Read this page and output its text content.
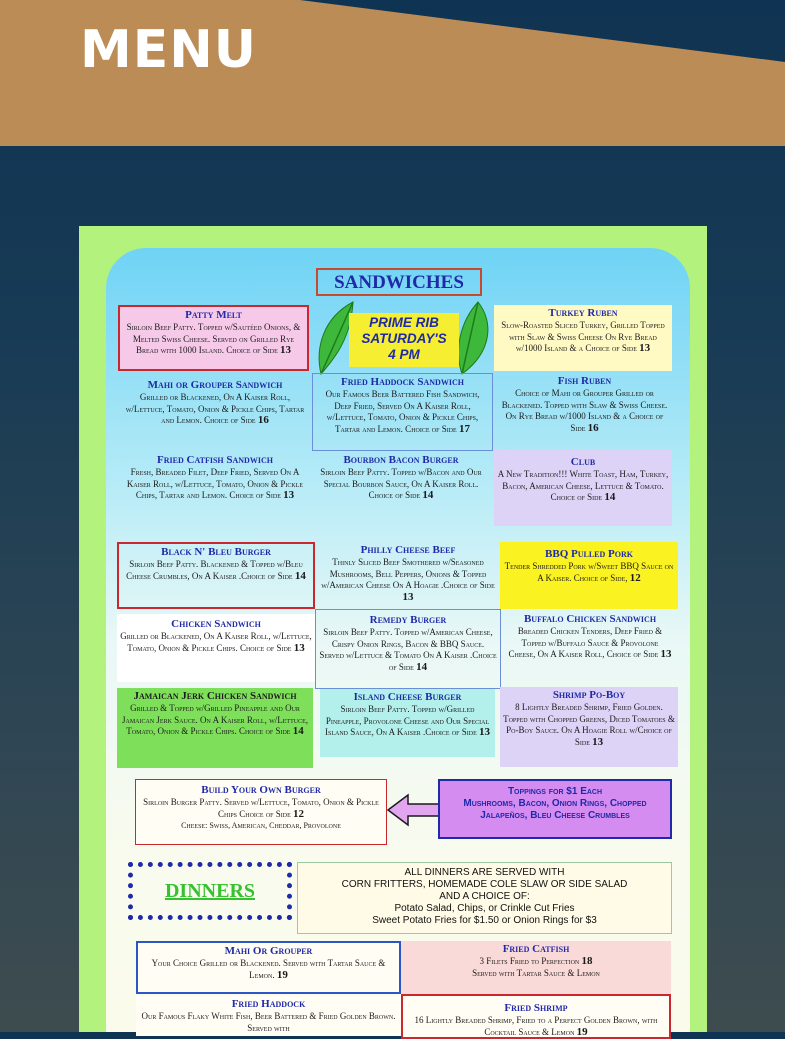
MENU
SANDWICHES
PRIME RIB
SATURDAY'S
4 PM
Patty Melt
Sirloin Beef Patty. Topped w/Sautéed Onions, & Melted Swiss Cheese. Served on Grilled Rye Bread with 1000 Island. Choice of Side 13
Turkey Ruben
Slow-Roasted Sliced Turkey, Grilled Topped with Slaw & Swiss Cheese On Rye Bread w/1000 Island & a Choice of Side 13
Mahi or Grouper Sandwich
Grilled or Blackened, On A Kaiser Roll, w/Lettuce, Tomato, Onion & Pickle Chips, Tartar and Lemon. Choice of Side 16
Fried Haddock Sandwich
Our Famous Beer Battered Fish Sandwich, Deep Fried, Served On A Kaiser Roll, w/Lettuce, Tomato, Onion & Pickle Chips, Tartar and Lemon. Choice of Side 17
Fish Ruben
Choice of Mahi or Grouper Grilled or Blackened. Topped with Slaw & Swiss Cheese. On Rye Bread w/1000 Island & a Choice of Side 16
Fried Catfish Sandwich
Fresh, Breaded Filet, Deep Fried, Served On A Kaiser Roll, w/Lettuce, Tomato, Onion & Pickle Chips, Tartar and Lemon. Choice of Side 13
Bourbon Bacon Burger
Sirloin Beef Patty. Topped w/Bacon and Our Special Bourbon Sauce, On A Kaiser Roll. Choice of Side 14
Club
A New Tradition!!! White Toast, Ham, Turkey, Bacon, American Cheese, Lettuce & Tomato. Choice of Side 14
Black N' Bleu Burger
Sirloin Beef Patty. Blackened & Topped w/Bleu Cheese Crumbles, On A Kaiser .Choice of Side 14
Philly Cheese Beef
Thinly Sliced Beef Smothered w/Seasoned Mushrooms, Bell Peppers, Onions & Topped w/American Cheese On A Hoagie .Choice of Side 13
BBQ Pulled Pork
Tender Shredded Pork w/Sweet BBQ Sauce on A Kaiser. Choice of Side, 12
Chicken Sandwich
Grilled or Blackened, On A Kaiser Roll, w/Lettuce, Tomato, Onion & Pickle Chips. Choice of Side 13
Remedy Burger
Sirloin Beef Patty. Topped w/American Cheese, Crispy Onion Rings, Bacon & BBQ Sauce. Served w/Lettuce & Tomato On A Kaiser .Choice of Side 14
Buffalo Chicken Sandwich
Breaded Chicken Tenders, Deep Fried & Topped w/Buffalo Sauce & Provolone Cheese, On A Kaiser Roll, Choice of Side 13
Jamaican Jerk Chicken Sandwich
Grilled & Topped w/Grilled Pineapple and Our Jamaican Jerk Sauce. On A Kaiser Roll, w/Lettuce, Tomato, Onion & Pickle Chips. Choice of Side 14
Island Cheese Burger
Sirloin Beef Patty. Topped w/Grilled Pineapple, Provolone Cheese and Our Special Island Sauce, On A Kaiser .Choice of Side 13
Shrimp Po-Boy
8 Lightly Breaded Shrimp, Fried Golden. Topped with Chopped Greens, Diced Tomatoes & Po-Boy Sauce. On A Hoagie Roll w/Choice of Side 13
Build Your Own Burger
Sirloin Burger Patty. Served w/Lettuce, Tomato, Onion & Pickle Chips Choice of Side 12
Cheese: Swiss, American, Cheddar, Provolone
Toppings for $1 Each
Mushrooms, Bacon, Onion Rings, Chopped Jalapeños, Bleu Cheese Crumbles
DINNERS
ALL DINNERS ARE SERVED WITH
CORN FRITTERS, HOMEMADE COLE SLAW OR SIDE SALAD
AND A CHOICE OF:
Potato Salad, Chips, or Crinkle Cut Fries
Sweet Potato Fries for $1.50 or Onion Rings for $3
Mahi Or Grouper
Your Choice Grilled or Blackened. Served with Tartar Sauce & Lemon. 19
Fried Catfish
3 Filets Fried to Perfection 18
Served with Tartar Sauce & Lemon
Fried Haddock
Our Famous Flaky White Fish, Beer Battered & Fried Golden Brown. Served with
Fried Shrimp
16 Lightly Breaded Shrimp, Fried to a Perfect Golden Brown, with Cocktail Sauce & Lemon 19
